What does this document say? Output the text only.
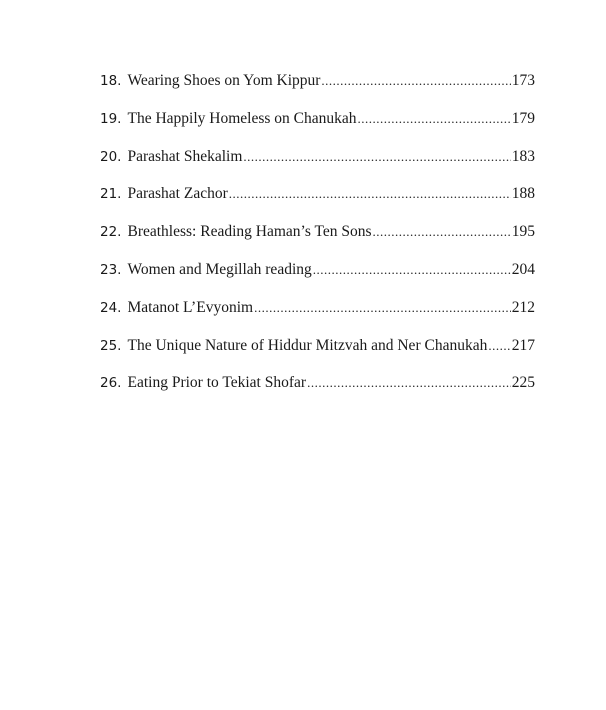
18. Wearing Shoes on Yom Kippur .....	173
19. The Happily Homeless on Chanukah .....	179
20. Parashat Shekalim .....	183
21. Parashat Zachor .....	188
22. Breathless: Reading Haman’s Ten Sons .....	195
23. Women and Megillah reading .....	204
24. Matanot L’Evyonim .....	212
25. The Unique Nature of Hiddur Mitzvah and Ner Chanukah ..... 217
26. Eating Prior to Tekiat Shofar .....	225
